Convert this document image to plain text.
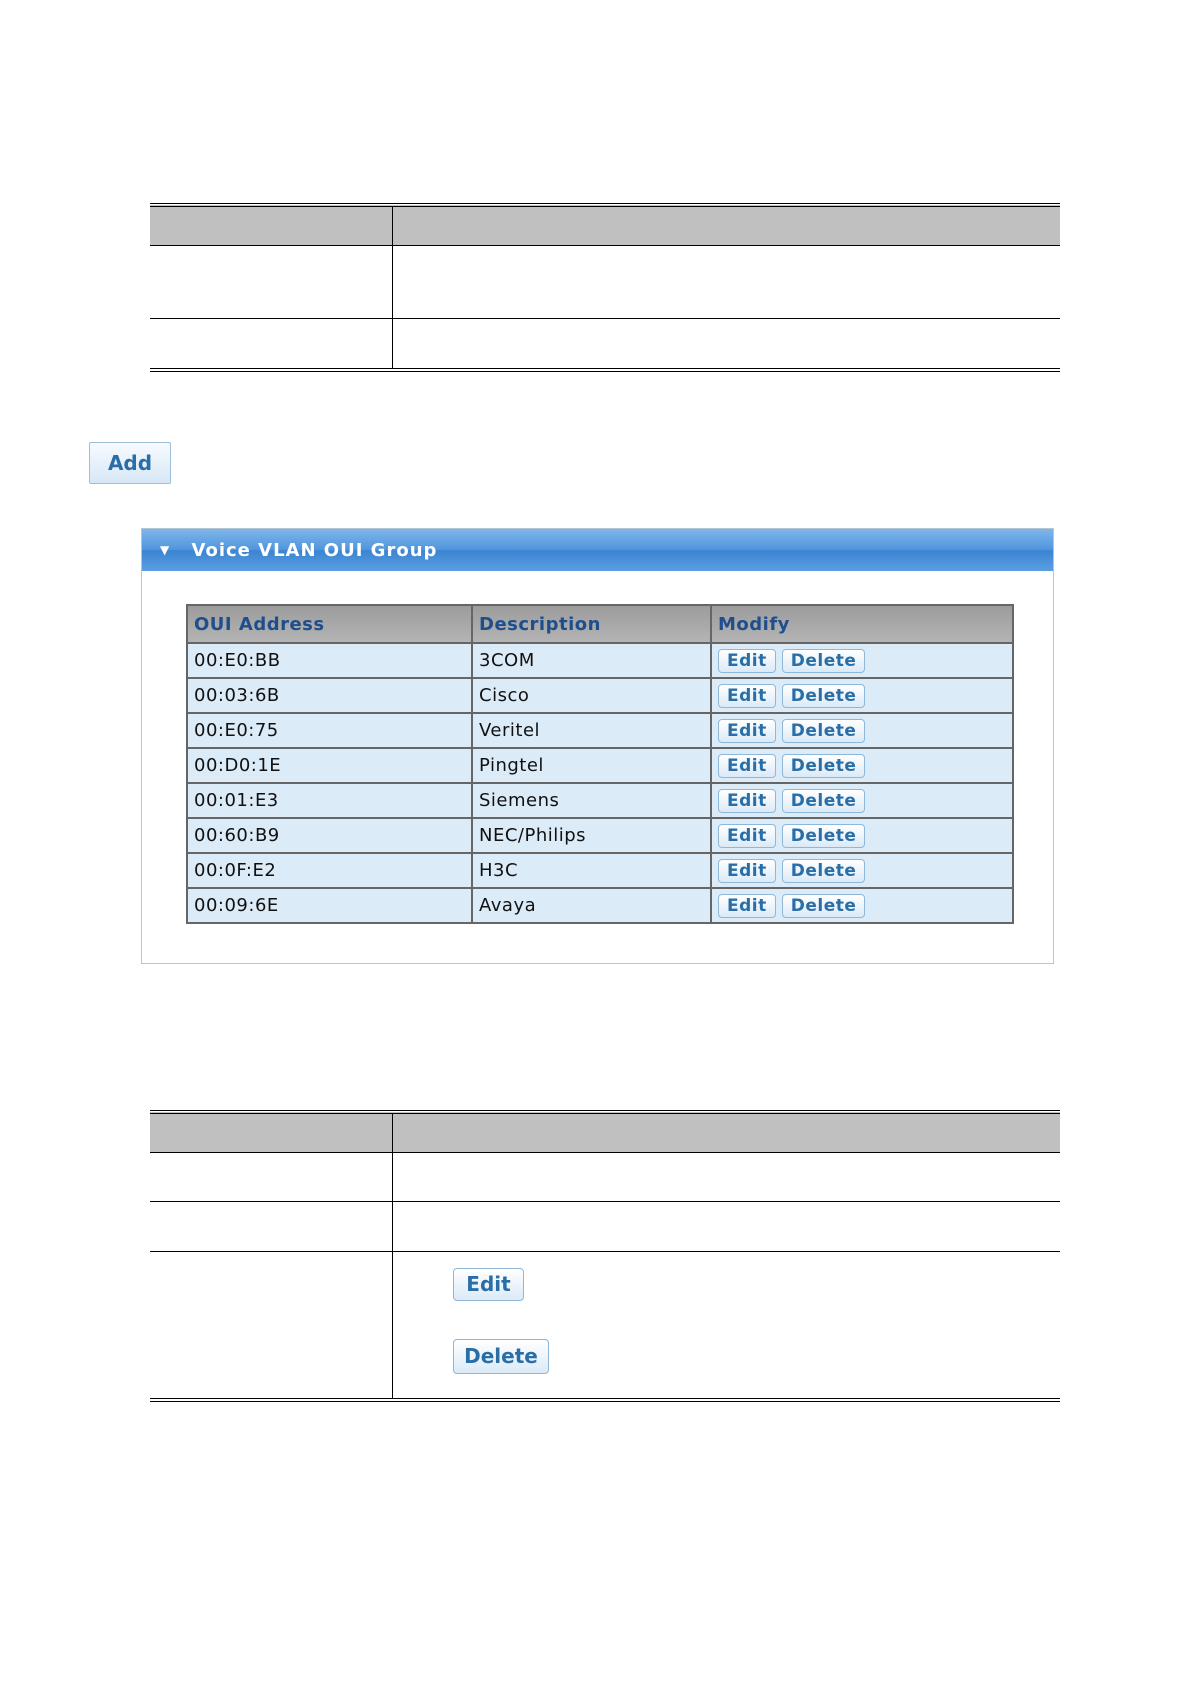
Add
▼ Voice VLAN OUI Group
OUI Address	Description	Modify
00:E0:BB	3COM	Edit Delete
00:03:6B	Cisco	Edit Delete
00:E0:75	Veritel	Edit Delete
00:D0:1E	Pingtel	Edit Delete
00:01:E3	Siemens	Edit Delete
00:60:B9	NEC/Philips	Edit Delete
00:0F:E2	H3C	Edit Delete
00:09:6E	Avaya	Edit Delete

Edit
Delete
